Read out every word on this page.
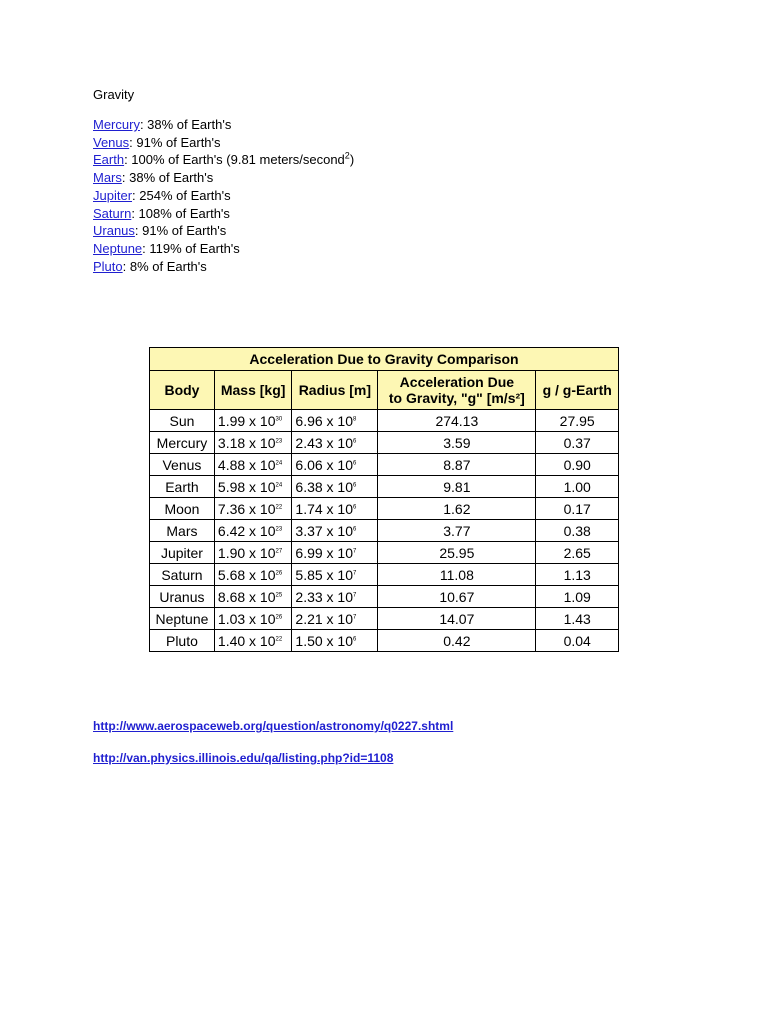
Gravity
Mercury: 38% of Earth's
Venus: 91% of Earth's
Earth: 100% of Earth's (9.81 meters/second$^2$)
Mars: 38% of Earth's
Jupiter: 254% of Earth's
Saturn: 108% of Earth's
Uranus: 91% of Earth's
Neptune: 119% of Earth's
Pluto: 8% of Earth's
Acceleration Due to Gravity Comparison				
Body	Mass [kg]	Radius [m]	Acceleration Due
to Gravity, "g" [m/s²]	g / g-Earth
Sun	1.99 x $10^{30}$	6.96 x $10^8$	274.13	27.95
Mercury	3.18 x $10^{23}$	2.43 x $10^6$	3.59	0.37
Venus	4.88 x $10^{24}$	6.06 x $10^6$	8.87	0.90
Earth	5.98 x $10^{24}$	6.38 x $10^6$	9.81	1.00
Moon	7.36 x $10^{22}$	1.74 x $10^6$	1.62	0.17
Mars	6.42 x $10^{23}$	3.37 x $10^6$	3.77	0.38
Jupiter	1.90 x $10^{27}$	6.99 x $10^7$	25.95	2.65
Saturn	5.68 x $10^{26}$	5.85 x $10^7$	11.08	1.13
Uranus	8.68 x $10^{25}$	2.33 x $10^7$	10.67	1.09
Neptune	1.03 x $10^{26}$	2.21 x $10^7$	14.07	1.43
Pluto	1.40 x $10^{22}$	1.50 x $10^6$	0.42	0.04
http://www.aerospaceweb.org/question/astronomy/q0227.shtml
http://van.physics.illinois.edu/qa/listing.php?id=1108
